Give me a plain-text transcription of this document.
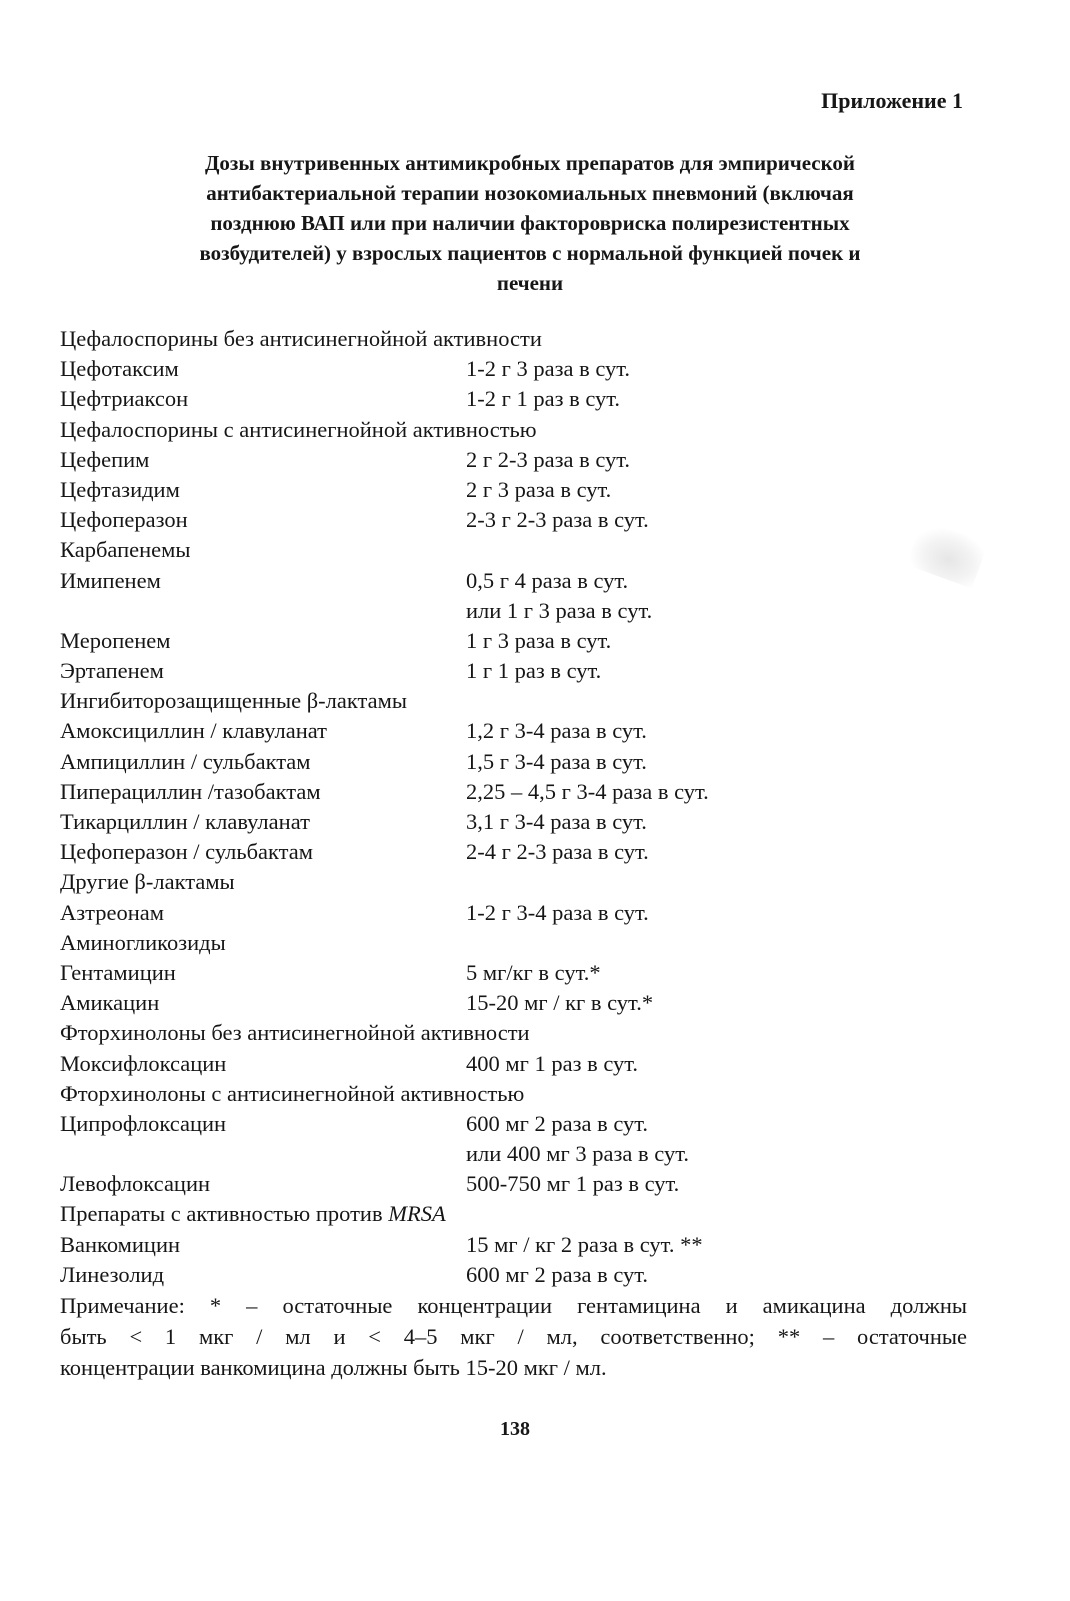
Приложение 1
Дозы внутривенных антимикробных препаратов для эмпирической
антибактериальной терапии нозокомиальных пневмоний (включая
позднюю ВАП или при наличии факторовриска полирезистентных
возбудителей) у взрослых пациентов с нормальной функцией почек и
печени
Цефалоспорины без антисинегнойной активности
Цефотаксим	1-2 г 3 раза в сут.
Цефтриаксон	1-2 г 1 раз в сут.
Цефалоспорины с антисинегнойной активностью
Цефепим	2 г 2-3 раза в сут.
Цефтазидим	2 г 3 раза в сут.
Цефоперазон	2-3 г 2-3 раза в сут.
Карбапенемы
Имипенем	0,5 г 4 раза в сут.
или 1 г 3 раза в сут.
Меропенем	1 г 3 раза в сут.
Эртапенем	1 г 1 раз в сут.
Ингибиторозащищенные β-лактамы
Амоксициллин / клавуланат	1,2 г 3-4 раза в сут.
Ампициллин / сульбактам	1,5 г 3-4 раза в сут.
Пиперациллин /тазобактам	2,25 – 4,5 г 3-4 раза в сут.
Тикарциллин / клавуланат	3,1 г 3-4 раза в сут.
Цефоперазон / сульбактам	2-4 г 2-3 раза в сут.
Другие β-лактамы
Азтреонам	1-2 г 3-4 раза в сут.
Аминогликозиды
Гентамицин	5 мг/кг в сут.*
Амикацин	15-20 мг / кг в сут.*
Фторхинолоны без антисинегнойной активности
Моксифлоксацин	400 мг 1 раз в сут.
Фторхинолоны с антисинегнойной активностью
Ципрофлоксацин	600 мг 2 раза в сут.
или 400 мг 3 раза в сут.
Левофлоксацин	500-750 мг 1 раз в сут.
Препараты с активностью против MRSA
Ванкомицин	15 мг / кг 2 раза в сут. **
Линезолид	600 мг 2 раза в сут.
Примечание: * – остаточные концентрации гентамицина и амикацина должны
быть < 1 мкг / мл и < 4–5 мкг / мл, соответственно; ** – остаточные
концентрации ванкомицина должны быть 15-20 мкг / мл.
138
